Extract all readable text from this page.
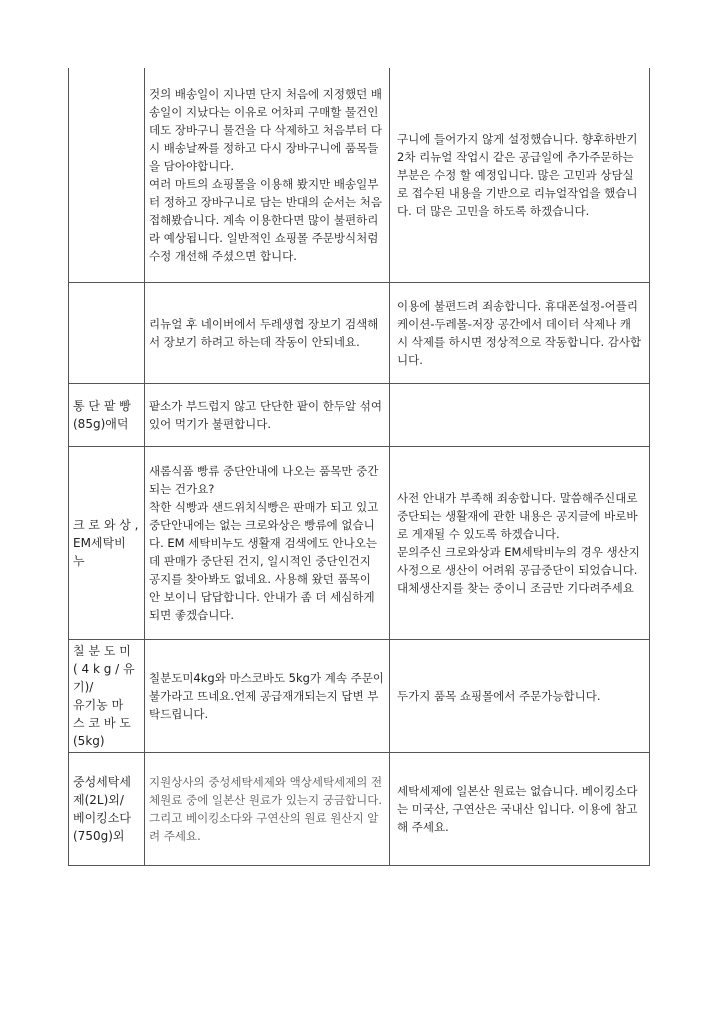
것의 배송일이 지나면 단지 처음에 지정했던 배송일이 지났다는 이유로 어차피 구매할 물건인데도 장바구니 물건을 다 삭제하고 처음부터 다시 배송날짜를 정하고 다시 장바구니에 품목들을 담아야합니다.
여러 마트의 쇼핑몰을 이용해 봤지만 배송일부터 정하고 장바구니로 담는 반대의 순서는 처음 접해봤습니다. 계속 이용한다면 많이 불편하리라 예상됩니다. 일반적인 쇼핑몰 주문방식처럼 수정 개선해 주셨으면 합니다.
구니에 들어가지 않게 설정했습니다. 향후하반기 2차 리뉴얼 작업시 같은 공급일에 추가주문하는 부분은 수정 할 예정입니다. 많은 고민과 상담실로 접수된 내용을 기반으로 리뉴얼작업을 했습니다. 더 많은 고민을 하도록 하겠습니다.
리뉴얼 후 네이버에서 두레생협 장보기 검색해서 장보기 하려고 하는데 작동이 안되네요.
이용에 불편드려 죄송합니다. 휴대폰설정-어플리케이션-두레몰-저장 공간에서 데이터 삭제나 캐시 삭제를 하시면 정상적으로 작동합니다. 감사합니다.
통 단 팥 빵
(85g)애덕
팥소가 부드럽지 않고 단단한 팥이 한두알 섞여있어 먹기가 불편합니다.
크 로 와 상 ,
EM세탁비
누
새롬식품 빵류 중단안내에 나오는 품목만 중간되는 건가요?
착한 식빵과 샌드위치식빵은 판매가 되고 있고 중단안내에는 없는 크로와상은 빵류에 없습니다. EM 세탁비누도 생활재 검색에도 안나오는데 판매가 중단된 건지, 일시적인 중단인건지 공지를 찾아봐도 없네요. 사용해 왔던 품목이 안 보이니 답답합니다. 안내가 좀 더 세심하게 되면 좋겠습니다.
사전 안내가 부족해 죄송합니다. 말씀해주신대로 중단되는 생활재에 관한 내용은 공지글에 바로바로 게재될 수 있도록 하겠습니다.
문의주신 크로와상과 EM세탁비누의 경우 생산지사정으로 생산이 어려워 공급중단이 되었습니다. 대체생산지를 찾는 중이니 조금만 기다려주세요
칠 분 도 미
( 4 k g / 유
기)/
유기농 마
스 코 바 도
(5kg)
칠분도미4kg와 마스코바도 5kg가 계속 주문이 불가라고 뜨네요.언제 공급재개되는지 답변 부탁드립니다.
두가지 품목 쇼핑몰에서 주문가능합니다.
중성세탁세
제(2L)외/
베이킹소다
(750g)외
지원상사의 중성세탁세제와 액상세탁세제의 전체원료 중에 일본산 원료가 있는지 궁금합니다. 그리고 베이킹소다와 구연산의 원료 원산지 알려 주세요.
세탁세제에 일본산 원료는 없습니다. 베이킹소다는 미국산, 구연산은 국내산 입니다. 이용에 참고해 주세요.
